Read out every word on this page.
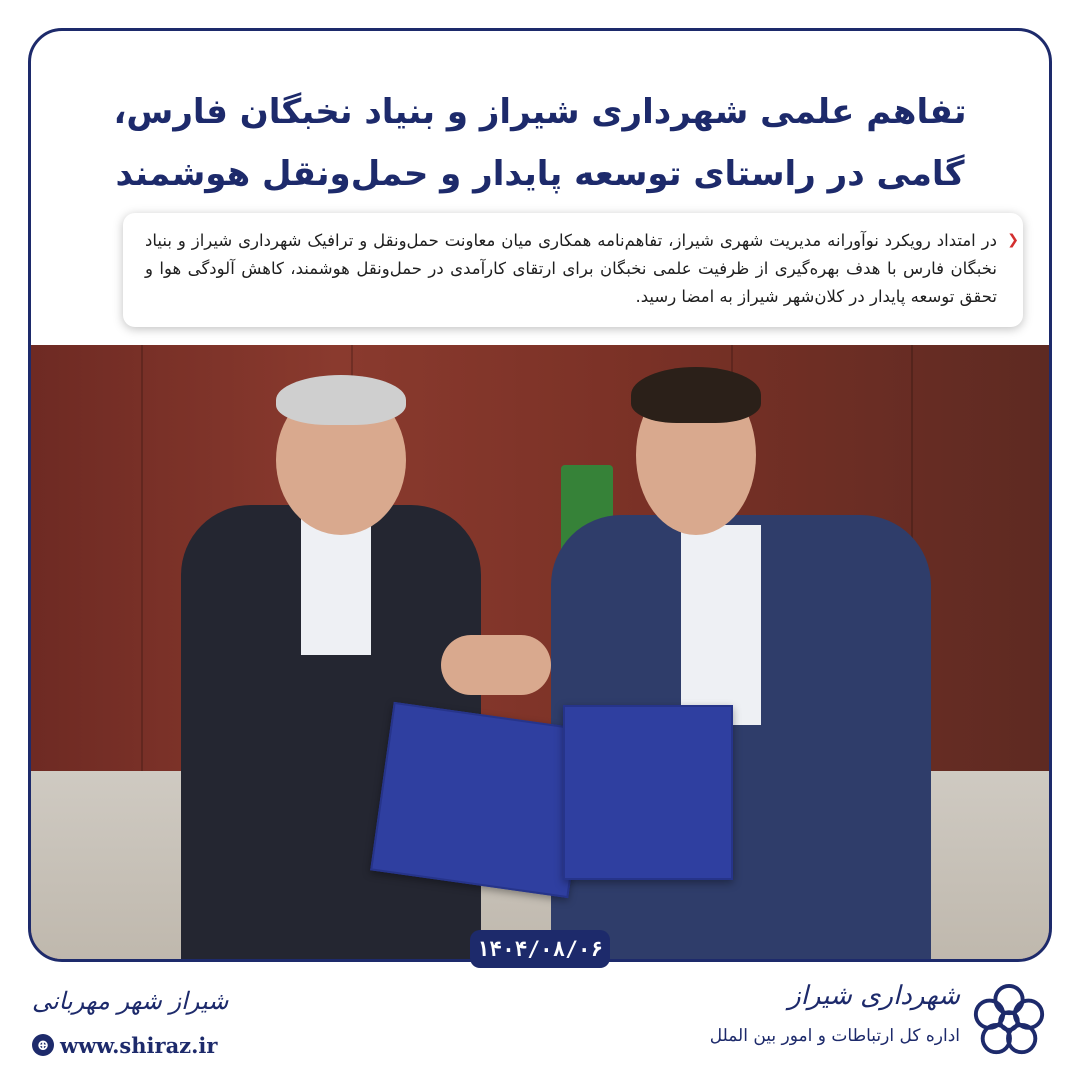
تفاهم علمی شهرداری شیراز و بنیاد نخبگان فارس،
گامی در راستای توسعه پایدار و حمل‌ونقل هوشمند
❮
در امتداد رویکرد نوآورانه مدیریت شهری شیراز، تفاهم‌نامه همکاری میان معاونت حمل‌ونقل و ترافیک شهرداری شیراز و بنیاد نخبگان فارس با هدف بهره‌گیری از ظرفیت علمی نخبگان برای ارتقای کارآمدی در حمل‌ونقل هوشمند، کاهش آلودگی هوا و تحقق توسعه پایدار در کلان‌شهر شیراز به امضا رسید.
۱۴۰۴/۰۸/۰۶
شیراز شهر مهربانی
⊕ www.shiraz.ir
شهرداری شیراز
اداره کل ارتباطات و امور بین الملل
